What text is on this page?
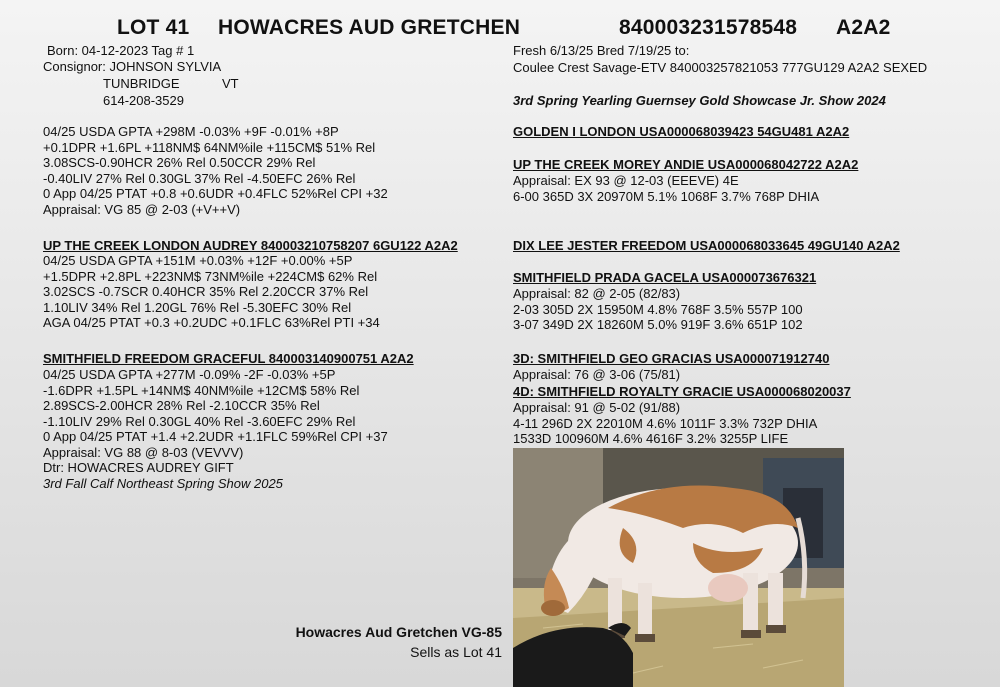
LOT 41 HOWACRES AUD GRETCHEN	840003231578548 A2A2
Born: 04-12-2023 Tag # 1
Consignor: JOHNSON SYLVIA
TUNBRIDGE	VT
614-208-3529
Fresh 6/13/25 Bred 7/19/25 to:
Coulee Crest Savage-ETV 840003257821053 777GU129 A2A2 SEXED
3rd Spring Yearling Guernsey Gold Showcase Jr. Show 2024
04/25 USDA GPTA +298M -0.03% +9F -0.01% +8P
+0.1DPR +1.6PL +118NM$ 64NM%ile +115CM$ 51% Rel
3.08SCS-0.90HCR 26% Rel 0.50CCR 29% Rel
-0.40LIV 27% Rel 0.30GL 37% Rel -4.50EFC 26% Rel
0 App 04/25 PTAT +0.8 +0.6UDR +0.4FLC 52%Rel CPI +32
Appraisal: VG 85 @ 2-03 (+V++V)
UP THE CREEK LONDON AUDREY 840003210758207 6GU122 A2A2
04/25 USDA GPTA +151M +0.03% +12F +0.00% +5P
+1.5DPR +2.8PL +223NM$ 73NM%ile +224CM$ 62% Rel
3.02SCS -0.7SCR 0.40HCR 35% Rel 2.20CCR 37% Rel
1.10LIV 34% Rel 1.20GL 76% Rel -5.30EFC 30% Rel
AGA 04/25 PTAT +0.3 +0.2UDC +0.1FLC 63%Rel PTI +34
SMITHFIELD FREEDOM GRACEFUL 840003140900751 A2A2
04/25 USDA GPTA +277M -0.09% -2F -0.03% +5P
-1.6DPR +1.5PL +14NM$ 40NM%ile +12CM$ 58% Rel
2.89SCS-2.00HCR 28% Rel -2.10CCR 35% Rel
-1.10LIV 29% Rel 0.30GL 40% Rel -3.60EFC 29% Rel
0 App 04/25 PTAT +1.4 +2.2UDR +1.1FLC 59%Rel CPI +37
Appraisal: VG 88 @ 8-03 (VEVVV)
Dtr: HOWACRES AUDREY GIFT
3rd Fall Calf Northeast Spring Show 2025
GOLDEN I LONDON USA000068039423 54GU481 A2A2
UP THE CREEK MOREY ANDIE USA000068042722 A2A2
Appraisal: EX 93 @ 12-03 (EEEVE) 4E
6-00 365D 3X 20970M 5.1% 1068F 3.7% 768P DHIA
DIX LEE JESTER FREEDOM USA000068033645 49GU140 A2A2
SMITHFIELD PRADA GACELA USA000073676321
Appraisal: 82 @ 2-05 (82/83)
2-03 305D 2X 15950M 4.8% 768F 3.5% 557P 100
3-07 349D 2X 18260M 5.0% 919F 3.6% 651P 102
3D: SMITHFIELD GEO GRACIAS USA000071912740
Appraisal: 76 @ 3-06 (75/81)
4D: SMITHFIELD ROYALTY GRACIE USA000068020037
Appraisal: 91 @ 5-02 (91/88)
4-11 296D 2X 22010M 4.6% 1011F 3.3% 732P DHIA
1533D 100960M 4.6% 4616F 3.2% 3255P LIFE
Howacres Aud Gretchen VG-85
Sells as Lot 41
